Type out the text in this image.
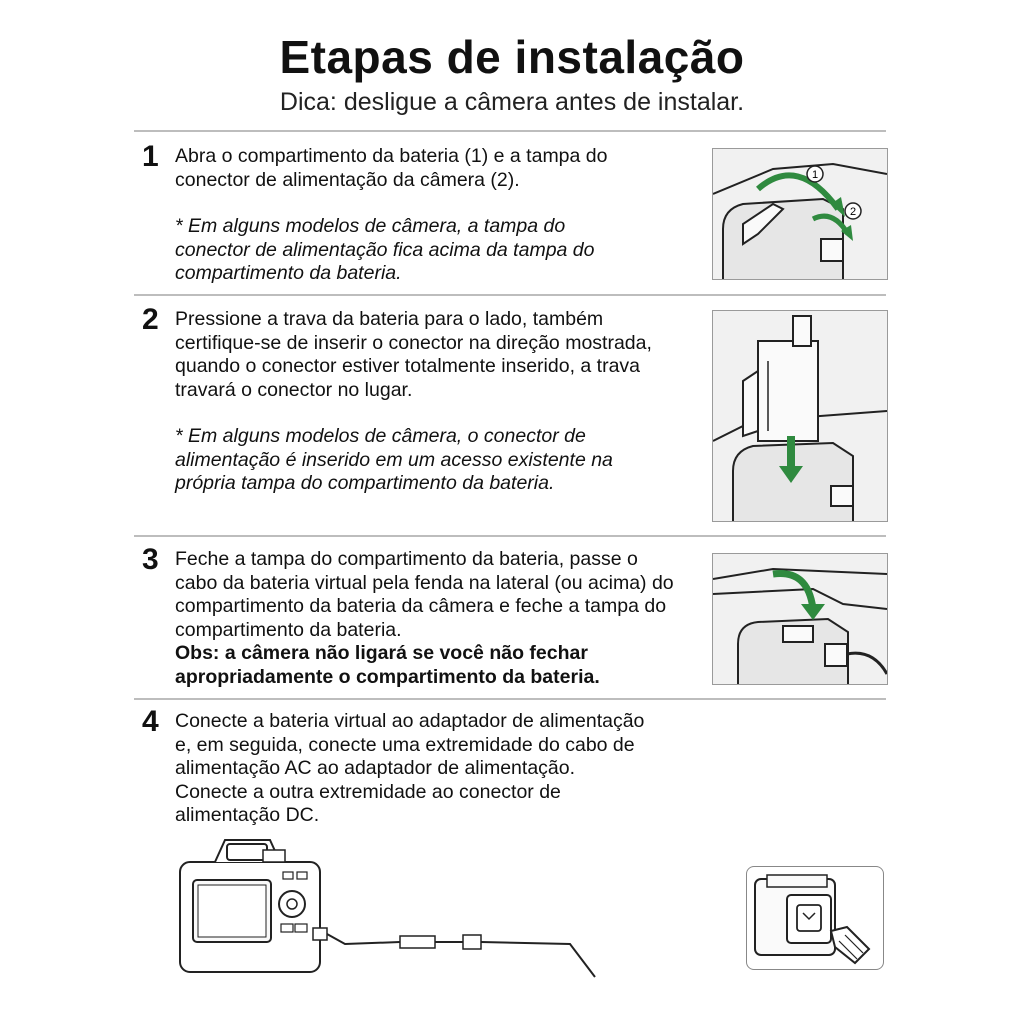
Etapas de instalação
Dica: desligue a câmera antes de instalar.
1 Abra o compartimento da bateria (1) e a tampa do conector de alimentação da câmera (2).

* Em alguns modelos de câmera, a tampa do conector de alimentação fica acima da tampa do compartimento da bateria.

1
2
2 Pressione a trava da bateria para o lado, também certifique-se de inserir o conector na direção mostrada, quando o conector estiver totalmente inserido, a trava travará o conector no lugar.

* Em alguns modelos de câmera, o conector de alimentação é inserido em um acesso existente na própria tampa do compartimento da bateria.

3 Feche a tampa do compartimento da bateria, passe o cabo da bateria virtual pela fenda na lateral (ou acima) do compartimento da bateria da câmera e feche a tampa do compartimento da bateria.

Obs: a câmera não ligará se você não fechar apropriadamente o compartimento da bateria.

4 Conecte a bateria virtual ao adaptador de alimentação e, em seguida, conecte uma extremidade do cabo de alimentação AC ao adaptador de alimentação. Conecte a outra extremidade ao conector de alimentação DC.
